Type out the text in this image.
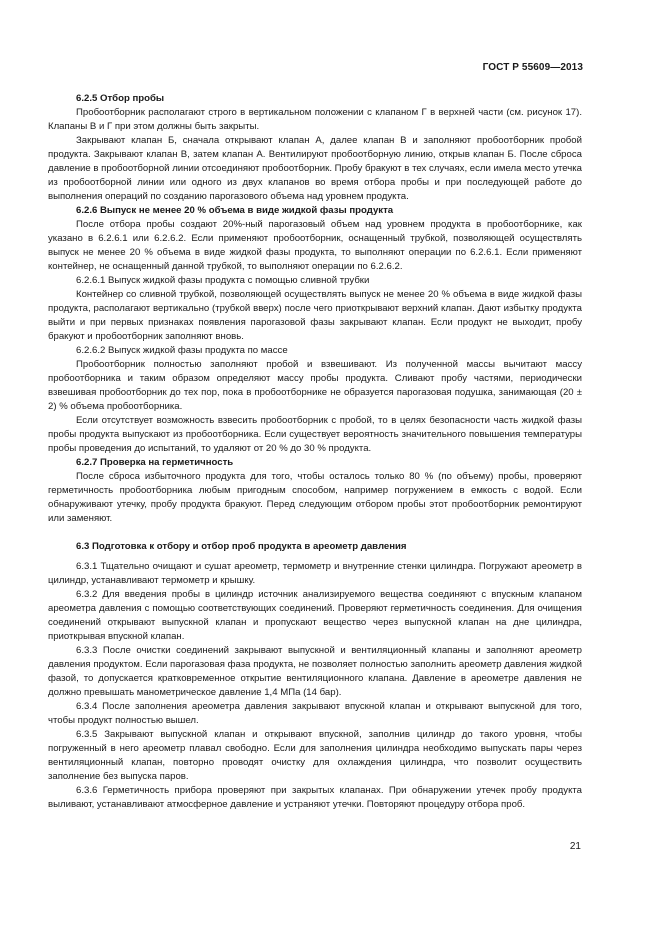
ГОСТ Р 55609—2013

6.2.5 Отбор пробы

Пробоотборник располагают строго в вертикальном положении с клапаном Г в верхней части (см. рисунок 17). Клапаны В и Г при этом должны быть закрыты.

Закрывают клапан Б, сначала открывают клапан А, далее клапан В и заполняют пробоотборник пробой продукта. Закрывают клапан В, затем клапан А. Вентилируют пробоотборную линию, открыв клапан Б. После сброса давление в пробоотборной линии отсоединяют пробоотборник. Пробу бракуют в тех случаях, если имела место утечка из пробоотборной линии или одного из двух клапанов во время отбора пробы и при последующей работе до выполнения операций по созданию парогазового объема над уровнем продукта.

6.2.6 Выпуск не менее 20 % объема в виде жидкой фазы продукта

После отбора пробы создают 20%-ный парогазовый объем над уровнем продукта в пробоотборнике, как указано в 6.2.6.1 или 6.2.6.2. Если применяют пробоотборник, оснащенный трубкой, позволяющей осуществлять выпуск не менее 20 % объема в виде жидкой фазы продукта, то выполняют операции по 6.2.6.1. Если применяют контейнер, не оснащенный данной трубкой, то выполняют операции по 6.2.6.2.

6.2.6.1 Выпуск жидкой фазы продукта с помощью сливной трубки

Контейнер со сливной трубкой, позволяющей осуществлять выпуск не менее 20 % объема в виде жидкой фазы продукта, располагают вертикально (трубкой вверх) после чего приоткрывают верхний клапан. Дают избытку продукта выйти и при первых признаках появления парогазовой фазы закрывают клапан. Если продукт не выходит, пробу бракуют и пробоотборник заполняют вновь.

6.2.6.2 Выпуск жидкой фазы продукта по массе

Пробоотборник полностью заполняют пробой и взвешивают. Из полученной массы вычитают массу пробоотборника и таким образом определяют массу пробы продукта. Сливают пробу частями, периодически взвешивая пробоотборник до тех пор, пока в пробоотборнике не образуется парогазовая подушка, занимающая (20 ± 2) % объема пробоотборника.

Если отсутствует возможность взвесить пробоотборник с пробой, то в целях безопасности часть жидкой фазы пробы продукта выпускают из пробоотборника. Если существует вероятность значительного повышения температуры пробы проведения до испытаний, то удаляют от 20 % до 30 % продукта.

6.2.7 Проверка на герметичность

После сброса избыточного продукта для того, чтобы осталось только 80 % (по объему) пробы, проверяют герметичность пробоотборника любым пригодным способом, например погружением в емкость с водой. Если обнаруживают утечку, пробу продукта бракуют. Перед следующим отбором пробы этот пробоотборник ремонтируют или заменяют.

6.3 Подготовка к отбору и отбор проб продукта в ареометр давления

6.3.1 Тщательно очищают и сушат ареометр, термометр и внутренние стенки цилиндра. Погружают ареометр в цилиндр, устанавливают термометр и крышку.

6.3.2 Для введения пробы в цилиндр источник анализируемого вещества соединяют с впускным клапаном ареометра давления с помощью соответствующих соединений. Проверяют герметичность соединения. Для очищения соединений открывают выпускной клапан и пропускают вещество через выпускной клапан на дне цилиндра, приоткрывая впускной клапан.

6.3.3 После очистки соединений закрывают выпускной и вентиляционный клапаны и заполняют ареометр давления продуктом. Если парогазовая фаза продукта, не позволяет полностью заполнить ареометр давления жидкой фазой, то допускается кратковременное открытие вентиляционного клапана. Давление в ареометре давления не должно превышать манометрическое давление 1,4 МПа (14 бар).

6.3.4 После заполнения ареометра давления закрывают впускной клапан и открывают выпускной для того, чтобы продукт полностью вышел.

6.3.5 Закрывают выпускной клапан и открывают впускной, заполнив цилиндр до такого уровня, чтобы погруженный в него ареометр плавал свободно. Если для заполнения цилиндра необходимо выпускать пары через вентиляционный клапан, повторно проводят очистку для охлаждения цилиндра, что позволит осуществить заполнение без выпуска паров.

6.3.6 Герметичность прибора проверяют при закрытых клапанах. При обнаружении утечек пробу продукта выливают, устанавливают атмосферное давление и устраняют утечки. Повторяют процедуру отбора проб.

21
